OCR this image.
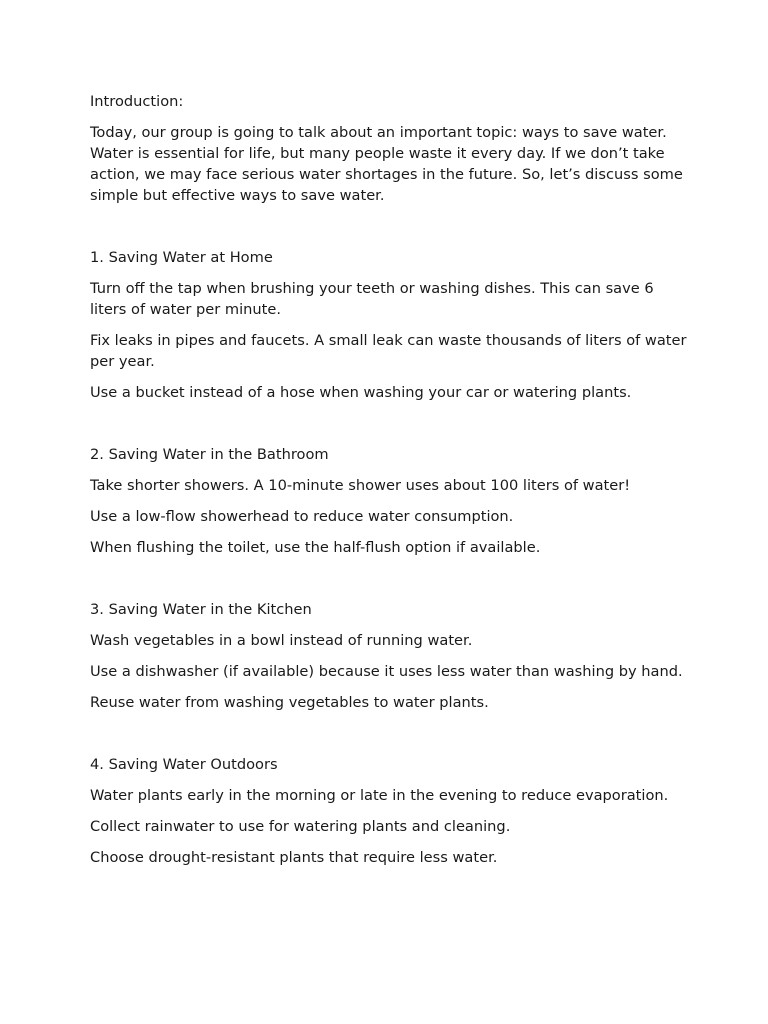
Introduction:

Today, our group is going to talk about an important topic: ways to save water. Water is essential for life, but many people waste it every day. If we don’t take action, we may face serious water shortages in the future. So, let’s discuss some simple but effective ways to save water.

1. Saving Water at Home

Turn off the tap when brushing your teeth or washing dishes. This can save 6 liters of water per minute.

Fix leaks in pipes and faucets. A small leak can waste thousands of liters of water per year.

Use a bucket instead of a hose when washing your car or watering plants.

2. Saving Water in the Bathroom

Take shorter showers. A 10-minute shower uses about 100 liters of water!

Use a low-flow showerhead to reduce water consumption.

When flushing the toilet, use the half-flush option if available.

3. Saving Water in the Kitchen

Wash vegetables in a bowl instead of running water.

Use a dishwasher (if available) because it uses less water than washing by hand.

Reuse water from washing vegetables to water plants.

4. Saving Water Outdoors

Water plants early in the morning or late in the evening to reduce evaporation.

Collect rainwater to use for watering plants and cleaning.

Choose drought-resistant plants that require less water.
